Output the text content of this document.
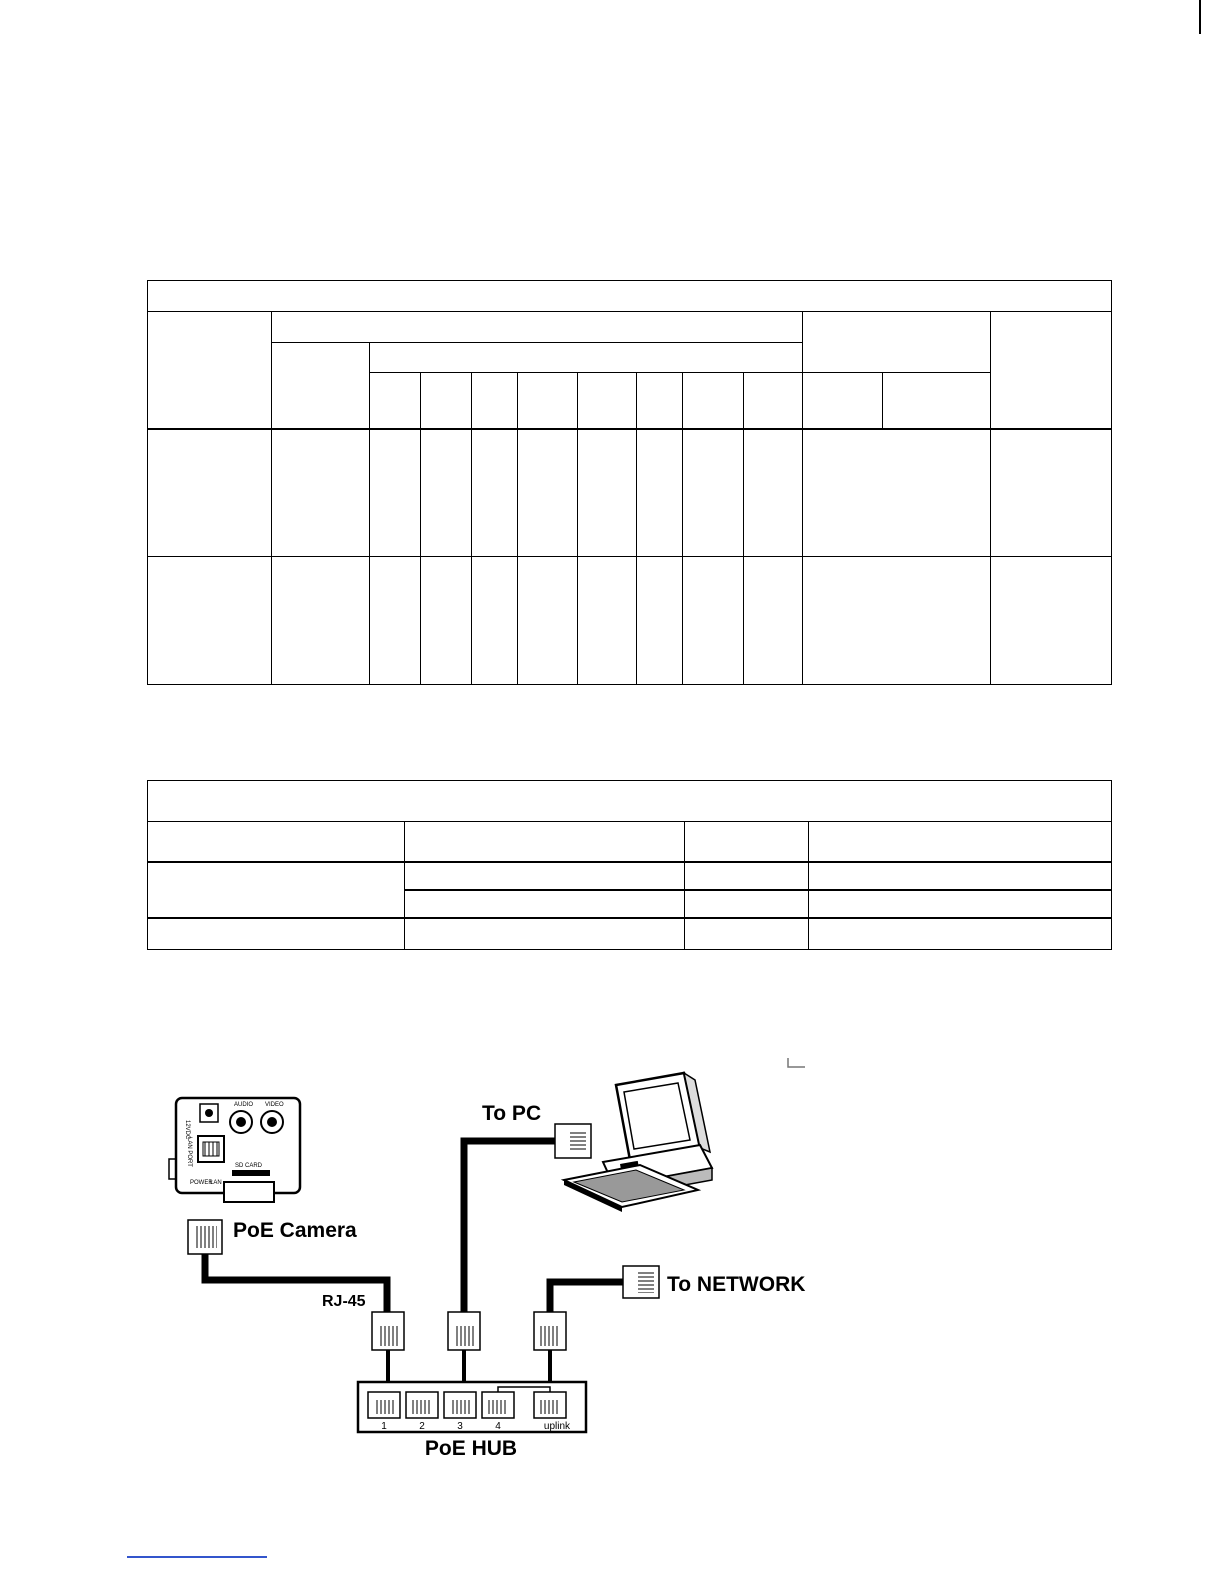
12VDC
AUDIO VIDEO
SD CARD
LAN PORT
POWER
LAN
PoE Camera
RJ-45
To PC
To NETWORK
1	2	3	4	uplink
PoE HUB
